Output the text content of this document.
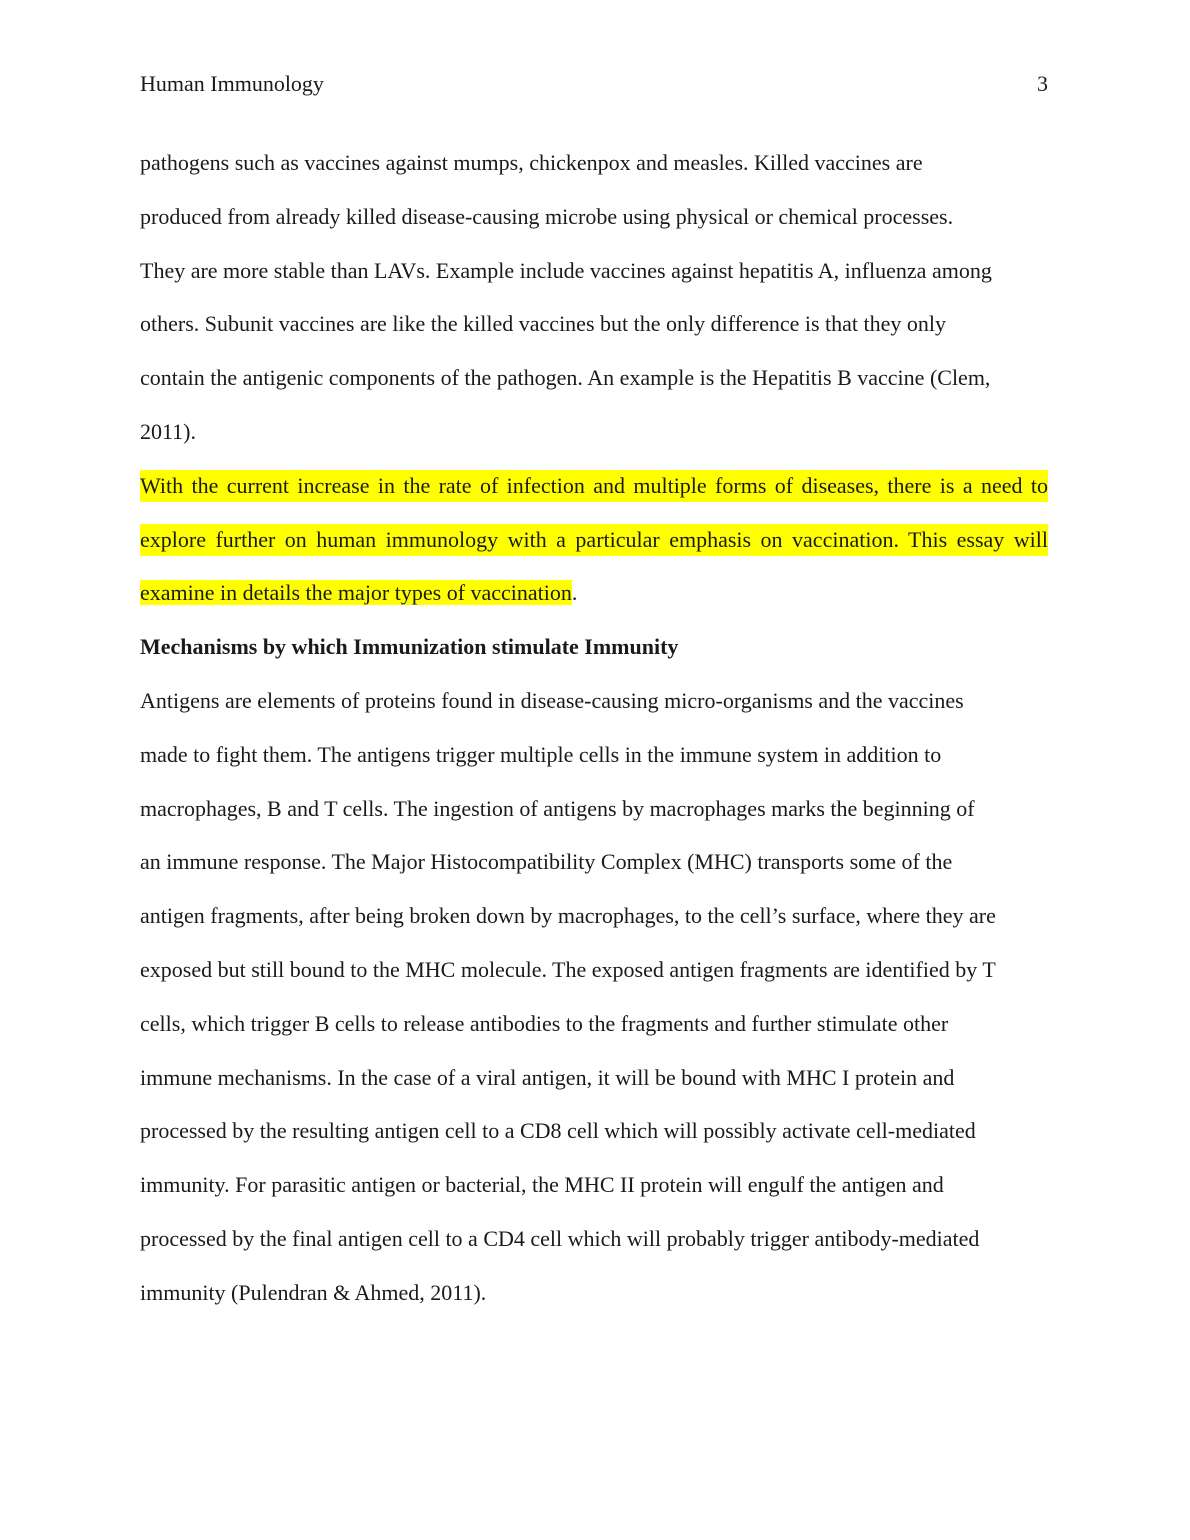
Human Immunology	3

pathogens such as vaccines against mumps, chickenpox and measles. Killed vaccines are
produced from already killed disease-causing microbe using physical or chemical processes.
They are more stable than LAVs. Example include vaccines against hepatitis A, influenza among
others. Subunit vaccines are like the killed vaccines but the only difference is that they only
contain the antigenic components of the pathogen. An example is the Hepatitis B vaccine (Clem,
2011).

With the current increase in the rate of infection and multiple forms of diseases, there is a need to
explore further on human immunology with a particular emphasis on vaccination. This essay will
examine in details the major types of vaccination.

Mechanisms by which Immunization stimulate Immunity

Antigens are elements of proteins found in disease-causing micro-organisms and the vaccines
made to fight them. The antigens trigger multiple cells in the immune system in addition to
macrophages, B and T cells. The ingestion of antigens by macrophages marks the beginning of
an immune response. The Major Histocompatibility Complex (MHC) transports some of the
antigen fragments, after being broken down by macrophages, to the cell’s surface, where they are
exposed but still bound to the MHC molecule. The exposed antigen fragments are identified by T
cells, which trigger B cells to release antibodies to the fragments and further stimulate other
immune mechanisms. In the case of a viral antigen, it will be bound with MHC I protein and
processed by the resulting antigen cell to a CD8 cell which will possibly activate cell-mediated
immunity. For parasitic antigen or bacterial, the MHC II protein will engulf the antigen and
processed by the final antigen cell to a CD4 cell which will probably trigger antibody-mediated
immunity (Pulendran & Ahmed, 2011).
